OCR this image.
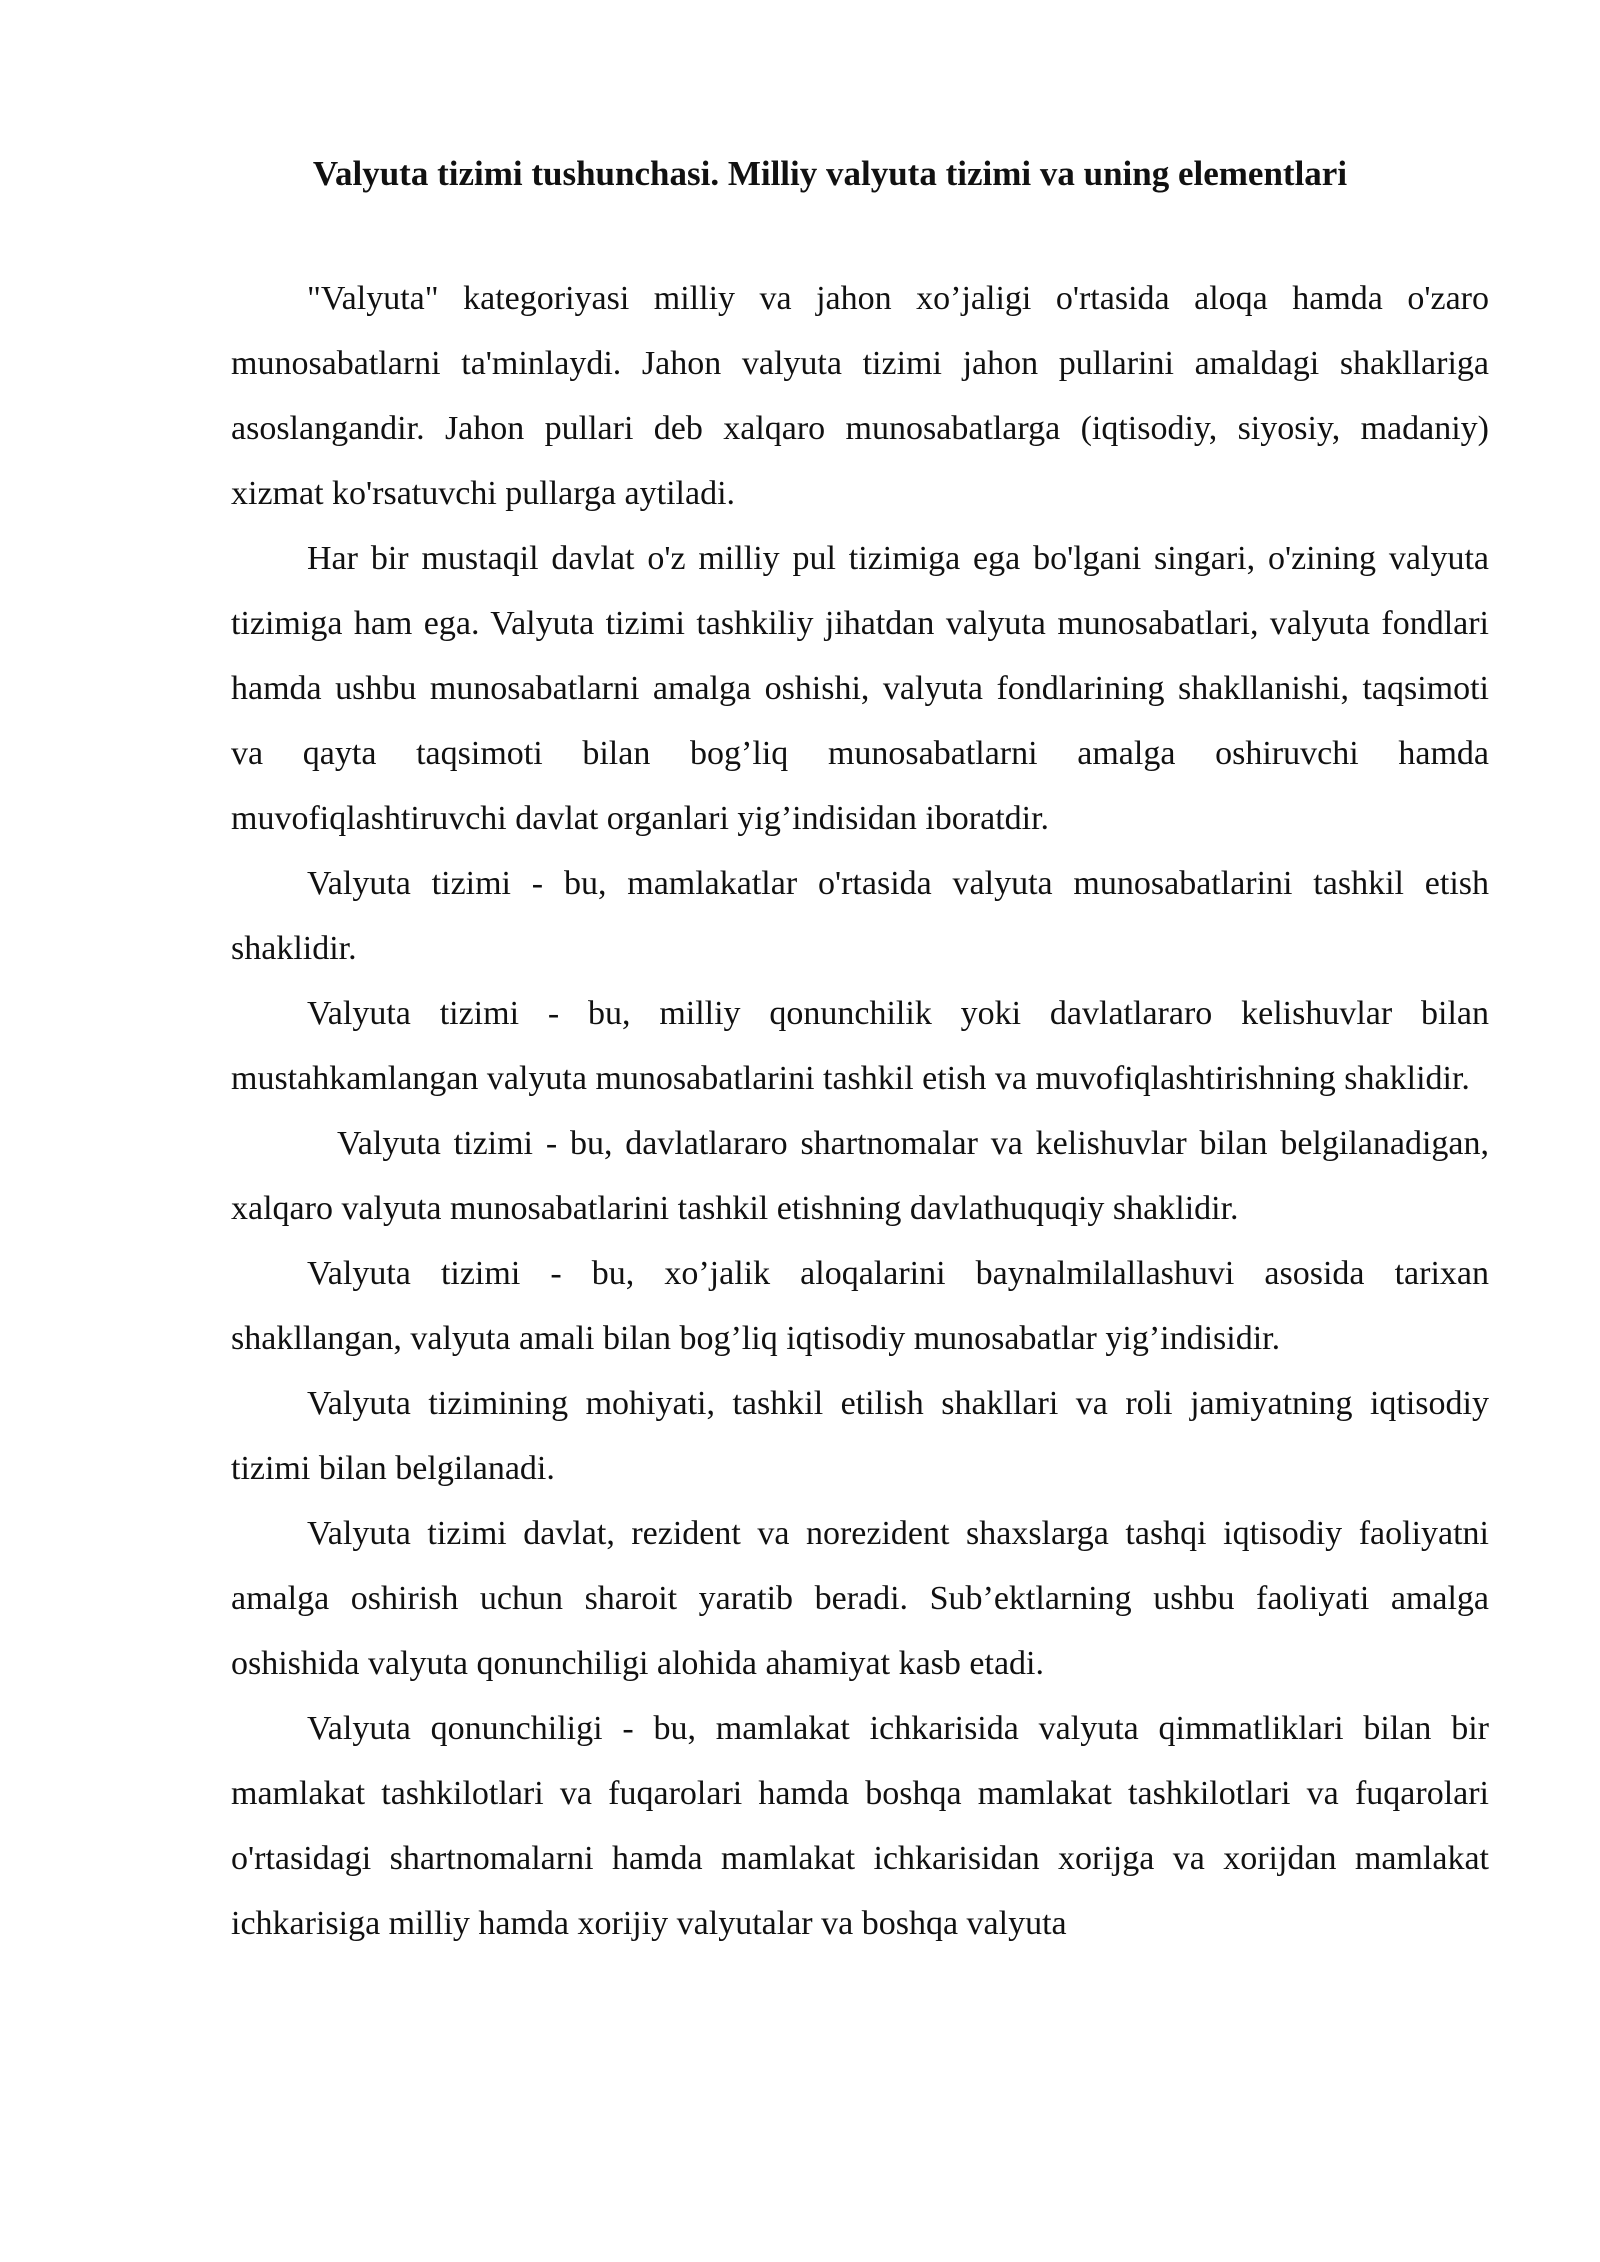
Valyuta tizimi tushunchasi. Milliy valyuta tizimi va uning elementlari

"Valyuta" kategoriyasi milliy va jahon xo’jaligi o'rtasida aloqa hamda o'zaro munosabatlarni ta'minlaydi. Jahon valyuta tizimi jahon pullarini amaldagi shakllariga asoslangandir. Jahon pullari deb xalqaro munosabatlarga (iqtisodiy, siyosiy, madaniy) xizmat ko'rsatuvchi pullarga aytiladi.

Har bir mustaqil davlat o'z milliy pul tizimiga ega bo'lgani singari, o'zining valyuta tizimiga ham ega. Valyuta tizimi tashkiliy jihatdan valyuta munosabatlari, valyuta fondlari hamda ushbu munosabatlarni amalga oshishi, valyuta fondlarining shakllanishi, taqsimoti va qayta taqsimoti bilan bog’liq munosabatlarni amalga oshiruvchi hamda muvofiqlashtiruvchi davlat organlari yig’indisidan iboratdir.

Valyuta tizimi - bu, mamlakatlar o'rtasida valyuta munosabatlarini tashkil etish shaklidir.

Valyuta tizimi - bu, milliy qonunchilik yoki davlatlararo kelishuvlar bilan mustahkamlangan valyuta munosabatlarini tashkil etish va muvofiqlashtirishning shaklidir.

Valyuta tizimi - bu, davlatlararo shartnomalar va kelishuvlar bilan belgilanadigan, xalqaro valyuta munosabatlarini tashkil etishning davlathuquqiy shaklidir.

Valyuta tizimi - bu, xo’jalik aloqalarini baynalmilallashuvi asosida tarixan shakllangan, valyuta amali bilan bog’liq iqtisodiy munosabatlar yig’indisidir.

Valyuta tizimining mohiyati, tashkil etilish shakllari va roli jamiyatning iqtisodiy tizimi bilan belgilanadi.

Valyuta tizimi davlat, rezident va norezident shaxslarga tashqi iqtisodiy faoliyatni amalga oshirish uchun sharoit yaratib beradi. Sub’ektlarning ushbu faoliyati amalga oshishida valyuta qonunchiligi alohida ahamiyat kasb etadi.

Valyuta qonunchiligi - bu, mamlakat ichkarisida valyuta qimmatliklari bilan bir mamlakat tashkilotlari va fuqarolari hamda boshqa mamlakat tashkilotlari va fuqarolari o'rtasidagi shartnomalarni hamda mamlakat ichkarisidan xorijga va xorijdan mamlakat ichkarisiga milliy hamda xorijiy valyutalar va boshqa valyuta
